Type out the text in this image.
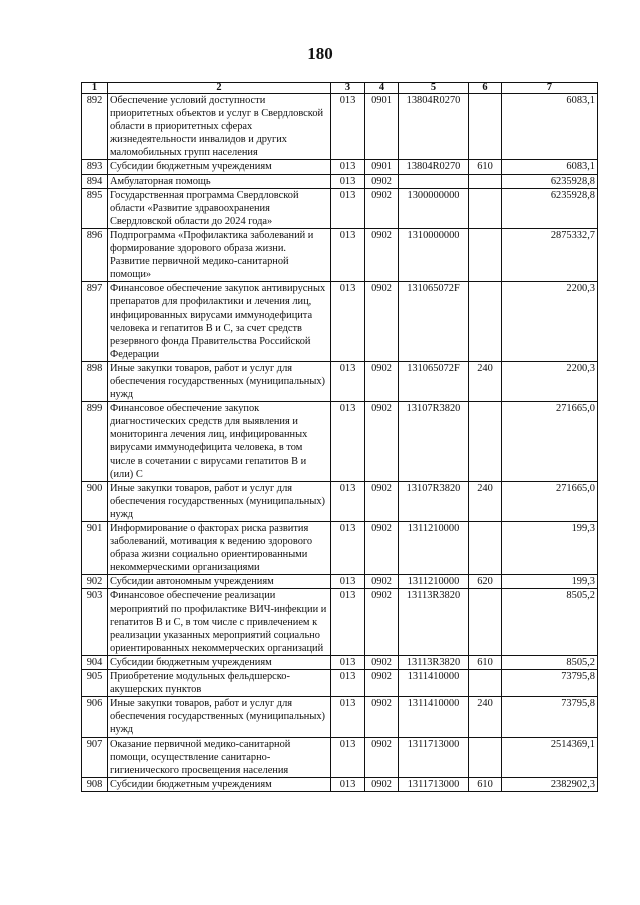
180
1	2	3	4	5	6	7
892	Обеспечение условий доступности приоритетных объектов и услуг в Свердловской области в приоритетных сферах жизнедеятельности инвалидов и других маломобильных групп населения	013	0901	13804R0270		6083,1
893	Субсидии бюджетным учреждениям	013	0901	13804R0270	610	6083,1
894	Амбулаторная помощь	013	0902			6235928,8
895	Государственная программа Свердловской области «Развитие здравоохранения Свердловской области до 2024 года»	013	0902	1300000000		6235928,8
896	Подпрограмма «Профилактика заболеваний и формирование здорового образа жизни. Развитие первичной медико-санитарной помощи»	013	0902	1310000000		2875332,7
897	Финансовое обеспечение закупок антивирусных препаратов для профилактики и лечения лиц, инфицированных вирусами иммунодефицита человека и гепатитов B и C, за счет средств резервного фонда Правительства Российской Федерации	013	0902	131065072F		2200,3
898	Иные закупки товаров, работ и услуг для обеспечения государственных (муниципальных) нужд	013	0902	131065072F	240	2200,3
899	Финансовое обеспечение закупок диагностических средств для выявления и мониторинга лечения лиц, инфицированных вирусами иммунодефицита человека, в том числе в сочетании с вирусами гепатитов B и (или) C	013	0902	13107R3820		271665,0
900	Иные закупки товаров, работ и услуг для обеспечения государственных (муниципальных) нужд	013	0902	13107R3820	240	271665,0
901	Информирование о факторах риска развития заболеваний, мотивация к ведению здорового образа жизни социально ориентированными некоммерческими организациями	013	0902	1311210000		199,3
902	Субсидии автономным учреждениям	013	0902	1311210000	620	199,3
903	Финансовое обеспечение реализации мероприятий по профилактике ВИЧ-инфекции и гепатитов B и C, в том числе с привлечением к реализации указанных мероприятий социально ориентированных некоммерческих организаций	013	0902	13113R3820		8505,2
904	Субсидии бюджетным учреждениям	013	0902	13113R3820	610	8505,2
905	Приобретение модульных фельдшерско-акушерских пунктов	013	0902	1311410000		73795,8
906	Иные закупки товаров, работ и услуг для обеспечения государственных (муниципальных) нужд	013	0902	1311410000	240	73795,8
907	Оказание первичной медико-санитарной помощи, осуществление санитарно-гигиенического просвещения населения	013	0902	1311713000		2514369,1
908	Субсидии бюджетным учреждениям	013	0902	1311713000	610	2382902,3
